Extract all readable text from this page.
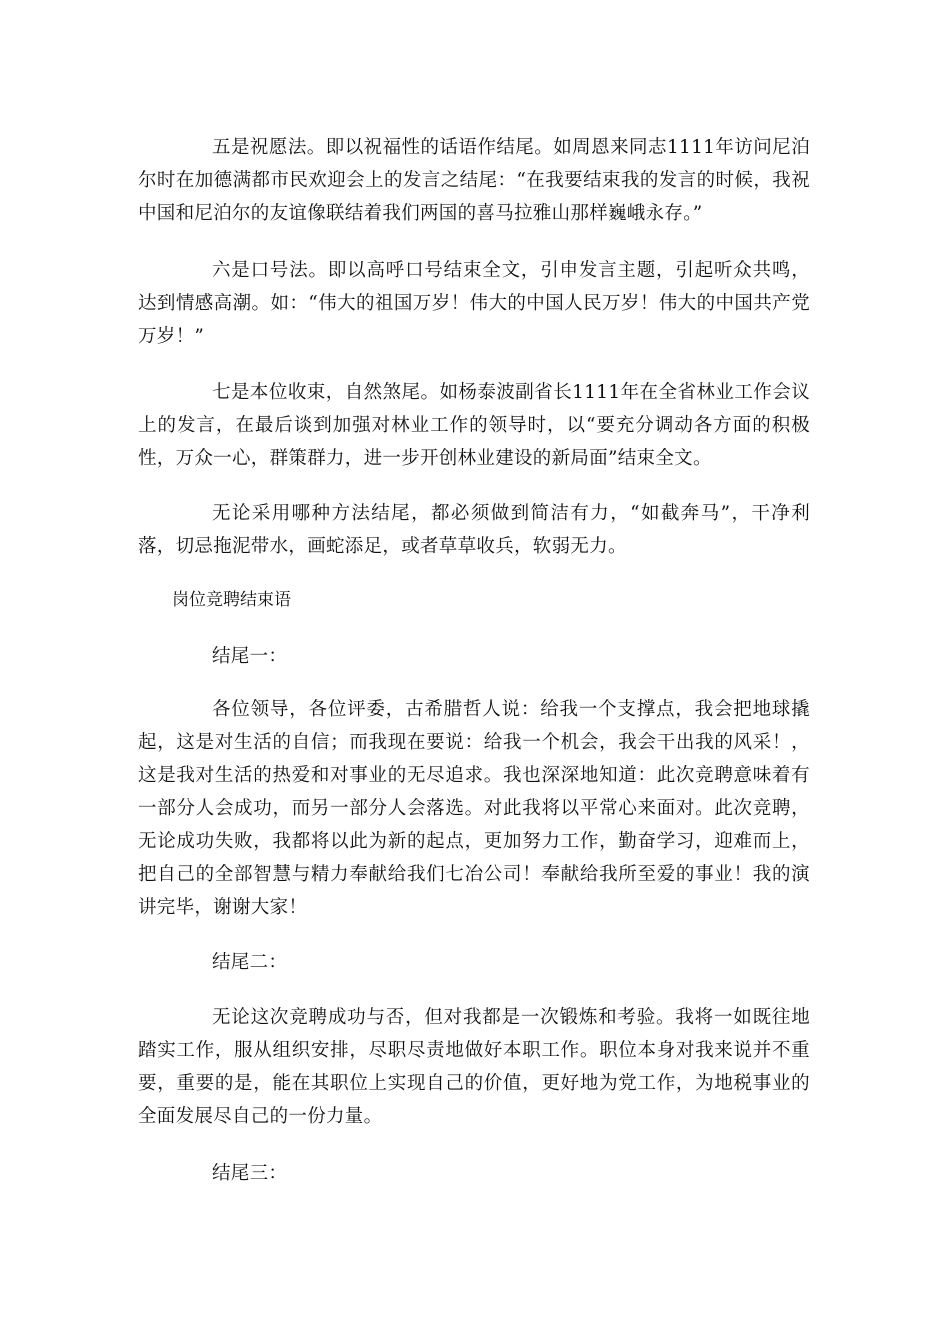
五是祝愿法。即以祝福性的话语作结尾。如周恩来同志1111年访问尼泊尔时在加德满都市民欢迎会上的发言之结尾：“在我要结束我的发言的时候，我祝中国和尼泊尔的友谊像联结着我们两国的喜马拉雅山那样巍峨永存。”

六是口号法。即以高呼口号结束全文，引申发言主题，引起听众共鸣，达到情感高潮。如：“伟大的祖国万岁！伟大的中国人民万岁！伟大的中国共产党万岁！”

七是本位收束，自然煞尾。如杨泰波副省长1111年在全省林业工作会议上的发言，在最后谈到加强对林业工作的领导时，以“要充分调动各方面的积极性，万众一心，群策群力，进一步开创林业建设的新局面”结束全文。

无论采用哪种方法结尾，都必须做到简洁有力，“如截奔马”，干净利落，切忌拖泥带水，画蛇添足，或者草草收兵，软弱无力。

岗位竞聘结束语

结尾一：

各位领导，各位评委，古希腊哲人说：给我一个支撑点，我会把地球撬起，这是对生活的自信；而我现在要说：给我一个机会，我会干出我的风采！，这是我对生活的热爱和对事业的无尽追求。我也深深地知道：此次竞聘意味着有一部分人会成功，而另一部分人会落选。对此我将以平常心来面对。此次竞聘，无论成功失败，我都将以此为新的起点，更加努力工作，勤奋学习，迎难而上，把自己的全部智慧与精力奉献给我们七冶公司！奉献给我所至爱的事业！我的演讲完毕，谢谢大家！

结尾二：

无论这次竞聘成功与否，但对我都是一次锻炼和考验。我将一如既往地踏实工作，服从组织安排，尽职尽责地做好本职工作。职位本身对我来说并不重要，重要的是，能在其职位上实现自己的价值，更好地为党工作，为地税事业的全面发展尽自己的一份力量。

结尾三：
